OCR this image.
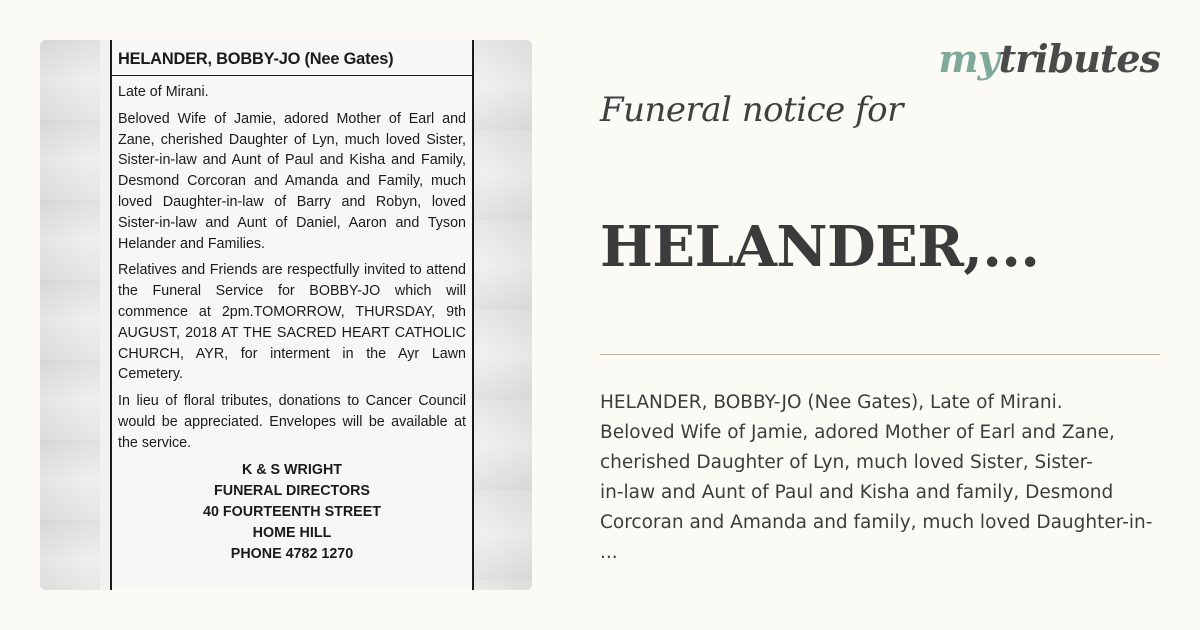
HELANDER, BOBBY-JO (Nee Gates)

Late of Mirani.

Beloved Wife of Jamie, adored Mother of Earl and Zane, cherished Daughter of Lyn, much loved Sister, Sister-in-law and Aunt of Paul and Kisha and Family, Desmond Corcoran and Amanda and Family, much loved Daughter-in-law of Barry and Robyn, loved Sister-in-law and Aunt of Daniel, Aaron and Tyson Helander and Families.

Relatives and Friends are respectfully invited to attend the Funeral Service for BOBBY-JO which will commence at 2pm.TOMORROW, THURSDAY, 9th AUGUST, 2018 AT THE SACRED HEART CATHOLIC CHURCH, AYR, for interment in the Ayr Lawn Cemetery.

In lieu of floral tributes, donations to Cancer Council would be appreciated. Envelopes will be available at the service.

K & S WRIGHT
FUNERAL DIRECTORS
40 FOURTEENTH STREET
HOME HILL
PHONE 4782 1270
mytributes
Funeral notice for
HELANDER,...
HELANDER, BOBBY-JO (Nee Gates), Late of Mirani.
Beloved Wife of Jamie, adored Mother of Earl and Zane,
cherished Daughter of Lyn, much loved Sister, Sister-
in-law and Aunt of Paul and Kisha and family, Desmond
Corcoran and Amanda and family, much loved Daughter-in-
...
